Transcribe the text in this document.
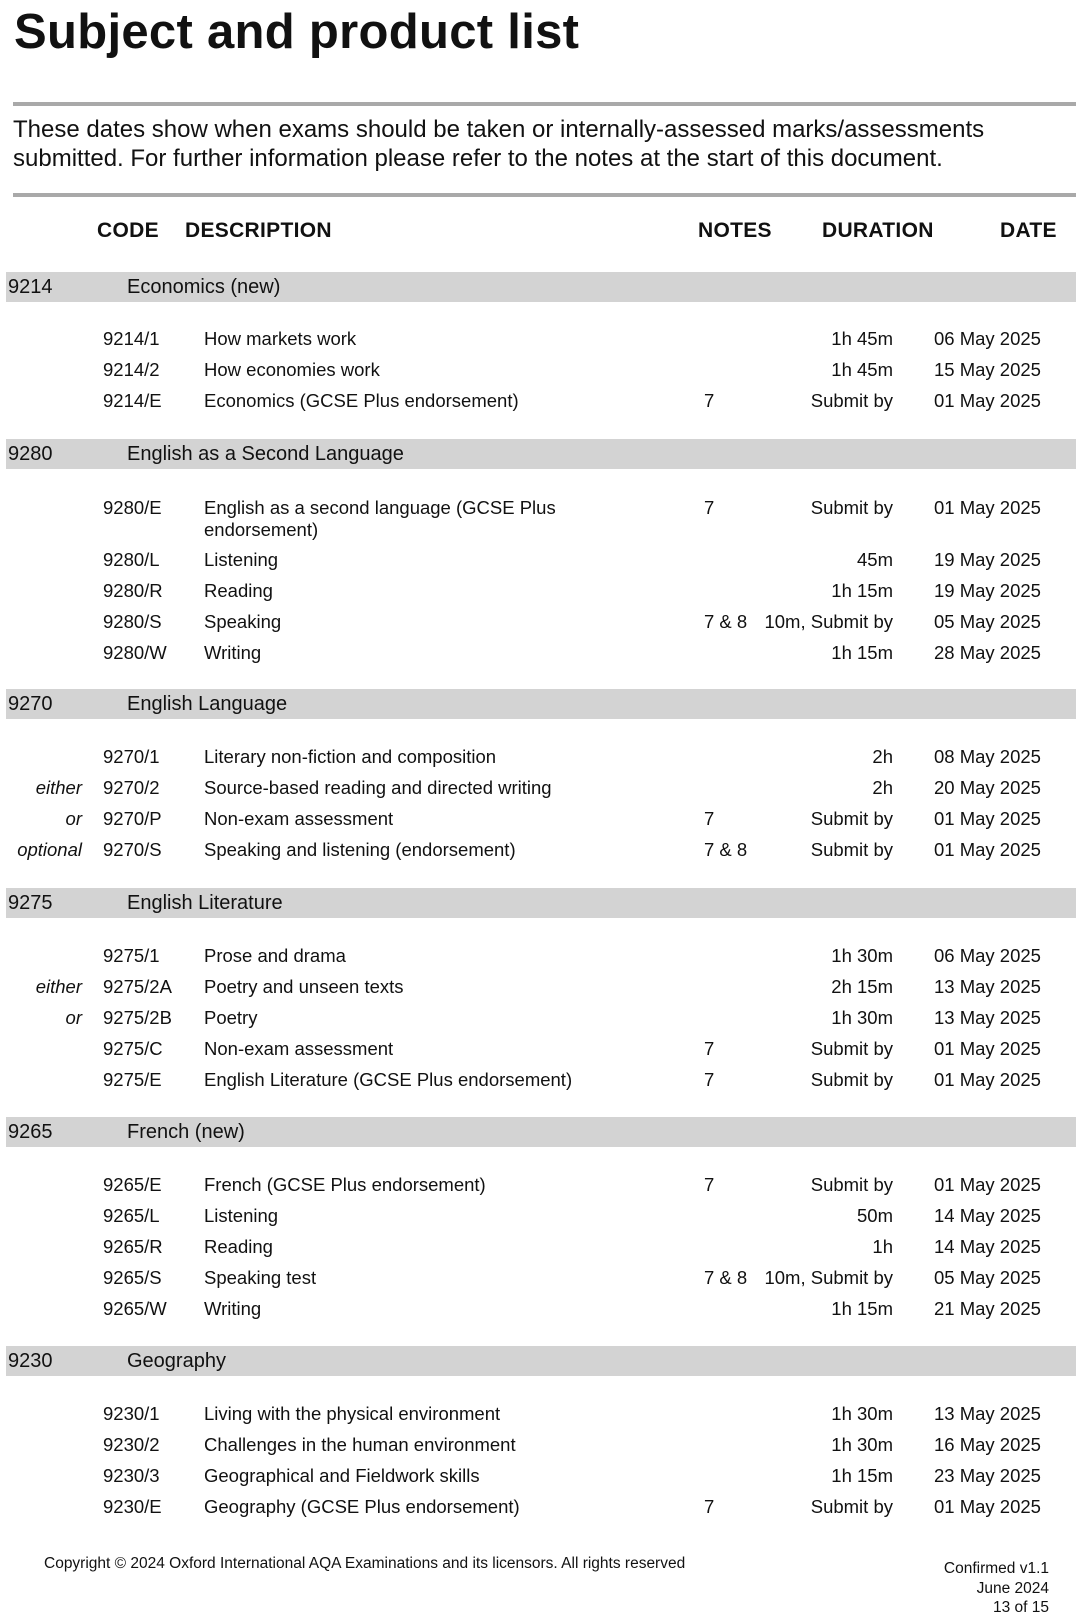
Subject and product list
These dates show when exams should be taken or internally-assessed marks/assessments submitted. For further information please refer to the notes at the start of this document.
CODE DESCRIPTION	NOTES DURATION	DATE
9214	Economics (new)
9214/1 How markets work	1h 45m 06 May 2025
9214/2 How economies work	1h 45m 15 May 2025
9214/E Economics (GCSE Plus endorsement)	7	Submit by 01 May 2025
9280	English as a Second Language
9280/E English as a second language (GCSE Plus endorsement)
7	Submit by 01 May 2025
9280/L Listening	45m 19 May 2025
9280/R Reading	1h 15m 19 May 2025
9280/S Speaking	7 & 8 10m, Submit by 05 May 2025
9280/W Writing	1h 15m 28 May 2025
9270	English Language
9270/1 Literary non-fiction and composition	2h 08 May 2025
either 9270/2 Source-based reading and directed writing	2h 20 May 2025
or 9270/P Non-exam assessment	7	Submit by 01 May 2025
optional 9270/S Speaking and listening (endorsement)	7 & 8	Submit by 01 May 2025
9275	English Literature
9275/1 Prose and drama	1h 30m 06 May 2025
either 9275/2A Poetry and unseen texts	2h 15m 13 May 2025
or 9275/2B Poetry	1h 30m 13 May 2025
9275/C Non-exam assessment	7	Submit by 01 May 2025
9275/E English Literature (GCSE Plus endorsement)	7	Submit by 01 May 2025
9265	French (new)
9265/E French (GCSE Plus endorsement)	7	Submit by 01 May 2025
9265/L Listening	50m 14 May 2025
9265/R Reading	1h 14 May 2025
9265/S Speaking test	7 & 8 10m, Submit by 05 May 2025
9265/W Writing	1h 15m 21 May 2025
9230	Geography
9230/1 Living with the physical environment	1h 30m 13 May 2025
9230/2 Challenges in the human environment	1h 30m 16 May 2025
9230/3 Geographical and Fieldwork skills	1h 15m 23 May 2025
9230/E Geography (GCSE Plus endorsement)	7	Submit by 01 May 2025
Copyright © 2024 Oxford International AQA Examinations and its licensors. All rights reserved	Confirmed v1.1
June 2024
13 of 15
